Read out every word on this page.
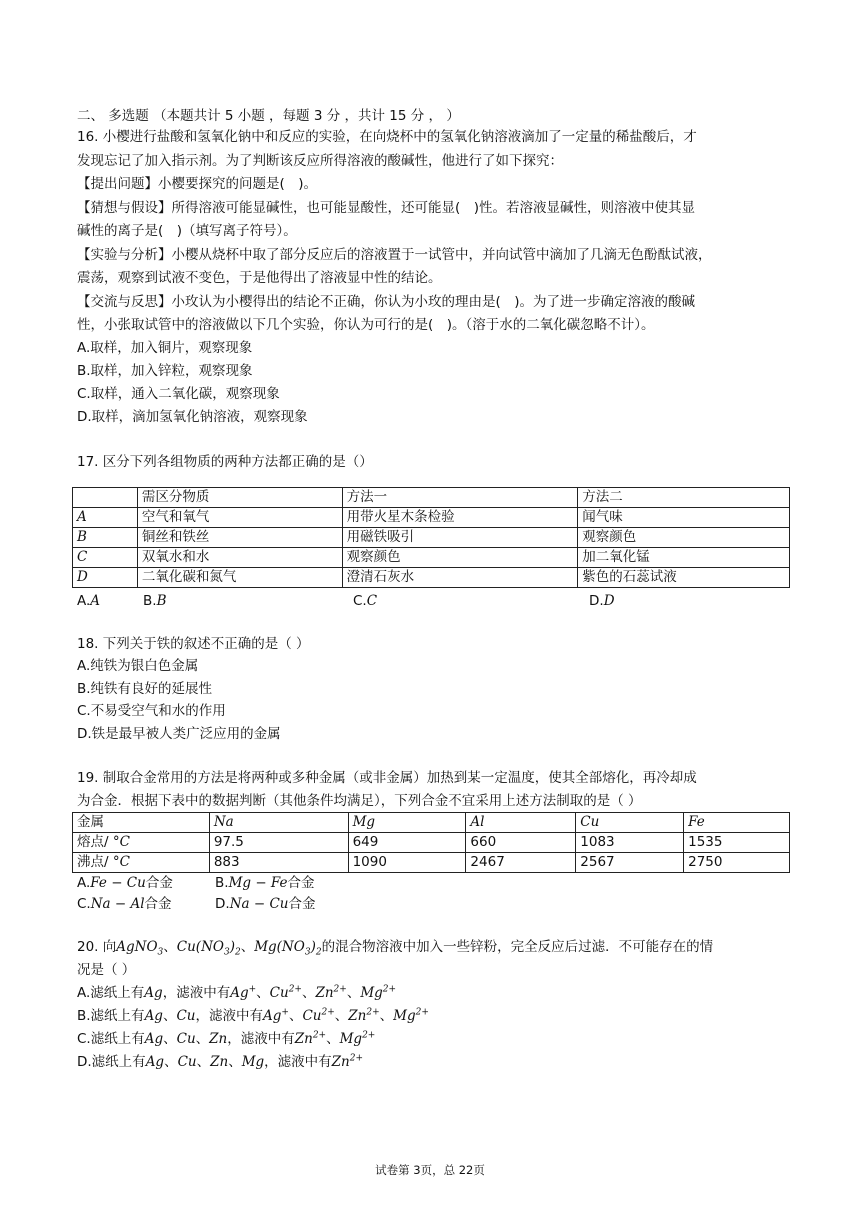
二、 多选题 （本题共计 5 小题 ，每题 3 分 ，共计 15 分 ， ）
16. 小樱进行盐酸和氢氧化钠中和反应的实验，在向烧杯中的氢氧化钠溶液滴加了一定量的稀盐酸后，才
发现忘记了加入指示剂。为了判断该反应所得溶液的酸碱性，他进行了如下探究：
【提出问题】小樱要探究的问题是(　)。
【猜想与假设】所得溶液可能显碱性，也可能显酸性，还可能显(　)性。若溶液显碱性，则溶液中使其显
碱性的离子是(　)（填写离子符号）。
【实验与分析】小樱从烧杯中取了部分反应后的溶液置于一试管中，并向试管中滴加了几滴无色酚酞试液，
震荡，观察到试液不变色，于是他得出了溶液显中性的结论。
【交流与反思】小玫认为小樱得出的结论不正确，你认为小玫的理由是(　)。为了进一步确定溶液的酸碱
性，小张取试管中的溶液做以下几个实验，你认为可行的是(　)。（溶于水的二氧化碳忽略不计）。
A.取样，加入铜片，观察现象
B.取样，加入锌粒，观察现象
C.取样，通入二氧化碳，观察现象
D.取样，滴加氢氧化钠溶液，观察现象
17. 区分下列各组物质的两种方法都正确的是（）
	需区分物质	方法一	方法二
A	空气和氧气	用带火星木条检验	闻气味
B	铜丝和铁丝	用磁铁吸引	观察颜色
C	双氧水和水	观察颜色	加二氧化锰
D	二氧化碳和氮气	澄清石灰水	紫色的石蕊试液
A.A	B.B	C.C	D.D
18. 下列关于铁的叙述不正确的是（ ）
A.纯铁为银白色金属
B.纯铁有良好的延展性
C.不易受空气和水的作用
D.铁是最早被人类广泛应用的金属
19. 制取合金常用的方法是将两种或多种金属（或非金属）加热到某一定温度，使其全部熔化，再冷却成
为合金．根据下表中的数据判断（其他条件均满足），下列合金不宜采用上述方法制取的是（ ）
金属	Na	Mg	Al	Cu	Fe
熔点/ °C	97.5	649	660	1083	1535
沸点/ °C	883	1090	2467	2567	2750
A.Fe − Cu合金	B.Mg − Fe合金
C.Na − Al合金	D.Na − Cu合金
20. 向AgNO$_3$、$Cu(NO_3)_2$、$Mg(NO_3)_2$的混合物溶液中加入一些锌粉，完全反应后过滤．不可能存在的情
况是（ ）
A.滤纸上有Ag，滤液中有Ag+、$Cu^{2+}$、$Zn^{2+}$、$Mg^{2+}$
B.滤纸上有Ag、Cu，滤液中有Ag+、$Cu^{2+}$、$Zn^{2+}$、$Mg^{2+}$
C.滤纸上有Ag、Cu、Zn，滤液中有$Zn^{2+}$、$Mg^{2+}$
D.滤纸上有Ag、Cu、Zn、Mg，滤液中有$Zn^{2+}$
试卷第 3页，总 22页
